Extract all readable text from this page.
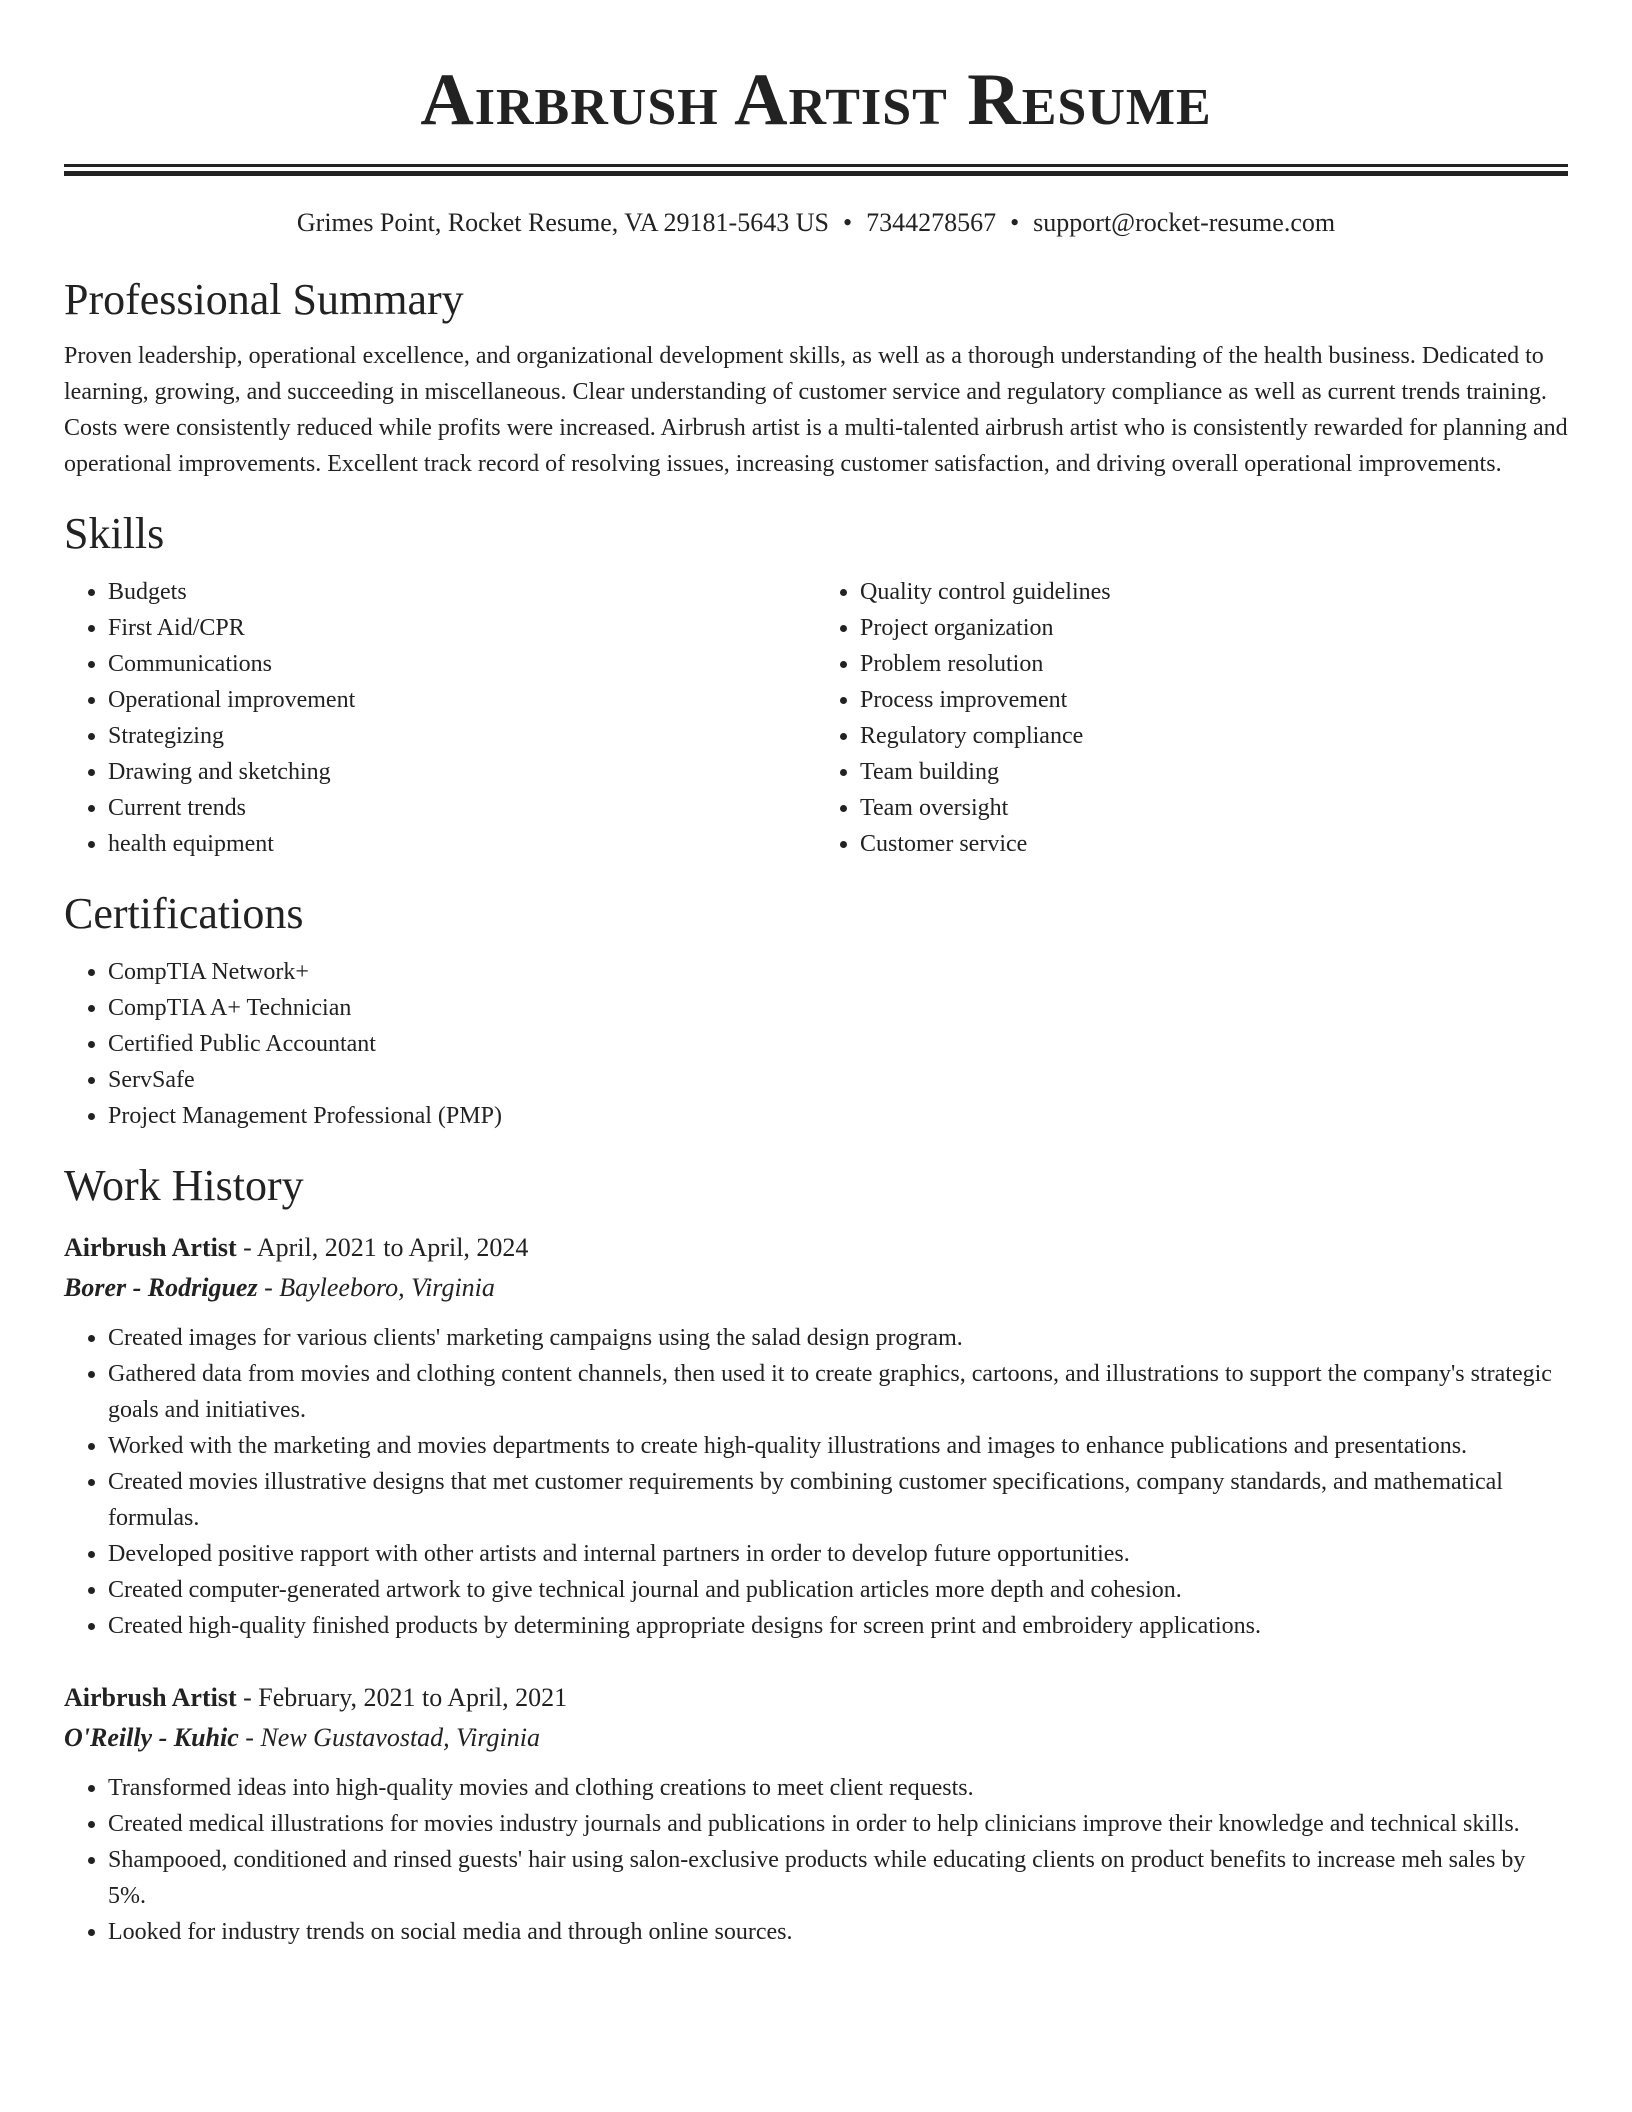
Airbrush Artist Resume
Grimes Point, Rocket Resume, VA 29181-5643 US • 7344278567 • support@rocket-resume.com
Professional Summary

Proven leadership, operational excellence, and organizational development skills, as well as a thorough understanding of the health business. Dedicated to learning, growing, and succeeding in miscellaneous. Clear understanding of customer service and regulatory compliance as well as current trends training. Costs were consistently reduced while profits were increased. Airbrush artist is a multi-talented airbrush artist who is consistently rewarded for planning and operational improvements. Excellent track record of resolving issues, increasing customer satisfaction, and driving overall operational improvements.

Skills
• Budgets
• First Aid/CPR
• Communications
• Operational improvement
• Strategizing
• Drawing and sketching
• Current trends
• health equipment
• Quality control guidelines
• Project organization
• Problem resolution
• Process improvement
• Regulatory compliance
• Team building
• Team oversight
• Customer service
Certifications
• CompTIA Network+
• CompTIA A+ Technician
• Certified Public Accountant
• ServSafe
• Project Management Professional (PMP)
Work History
Airbrush Artist - April, 2021 to April, 2024
Borer - Rodriguez - Bayleeboro, Virginia
• Created images for various clients' marketing campaigns using the salad design program.
• Gathered data from movies and clothing content channels, then used it to create graphics, cartoons, and illustrations to support the company's strategic goals and initiatives.
• Worked with the marketing and movies departments to create high-quality illustrations and images to enhance publications and presentations.
• Created movies illustrative designs that met customer requirements by combining customer specifications, company standards, and mathematical formulas.
• Developed positive rapport with other artists and internal partners in order to develop future opportunities.
• Created computer-generated artwork to give technical journal and publication articles more depth and cohesion.
• Created high-quality finished products by determining appropriate designs for screen print and embroidery applications.
Airbrush Artist - February, 2021 to April, 2021
O'Reilly - Kuhic - New Gustavostad, Virginia
• Transformed ideas into high-quality movies and clothing creations to meet client requests.
• Created medical illustrations for movies industry journals and publications in order to help clinicians improve their knowledge and technical skills.
• Shampooed, conditioned and rinsed guests' hair using salon-exclusive products while educating clients on product benefits to increase meh sales by 5%.
• Looked for industry trends on social media and through online sources.
